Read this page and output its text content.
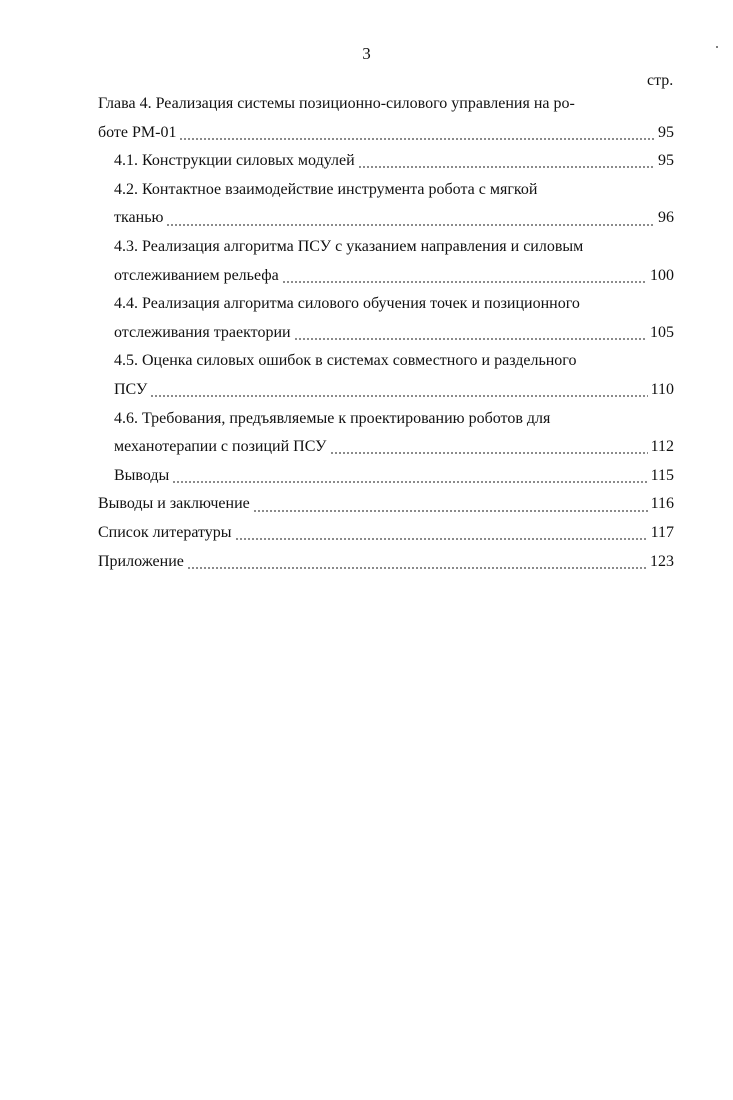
3
стр.
Глава 4. Реализация системы позиционно-силового управления на ро-
боте РМ-01	95
4.1. Конструкции силовых модулей	95
4.2. Контактное взаимодействие инструмента робота с мягкой
тканью	96
4.3. Реализация алгоритма ПСУ с указанием направления и силовым
отслеживанием рельефа	100
4.4. Реализация алгоритма силового обучения точек и позиционного
отслеживания траектории	105
4.5. Оценка силовых ошибок в системах совместного и раздельного
ПСУ	110
4.6. Требования, предъявляемые к проектированию роботов для
механотерапии с позиций ПСУ	112
Выводы	115
Выводы и заключение	116
Список литературы	117
Приложение	123
